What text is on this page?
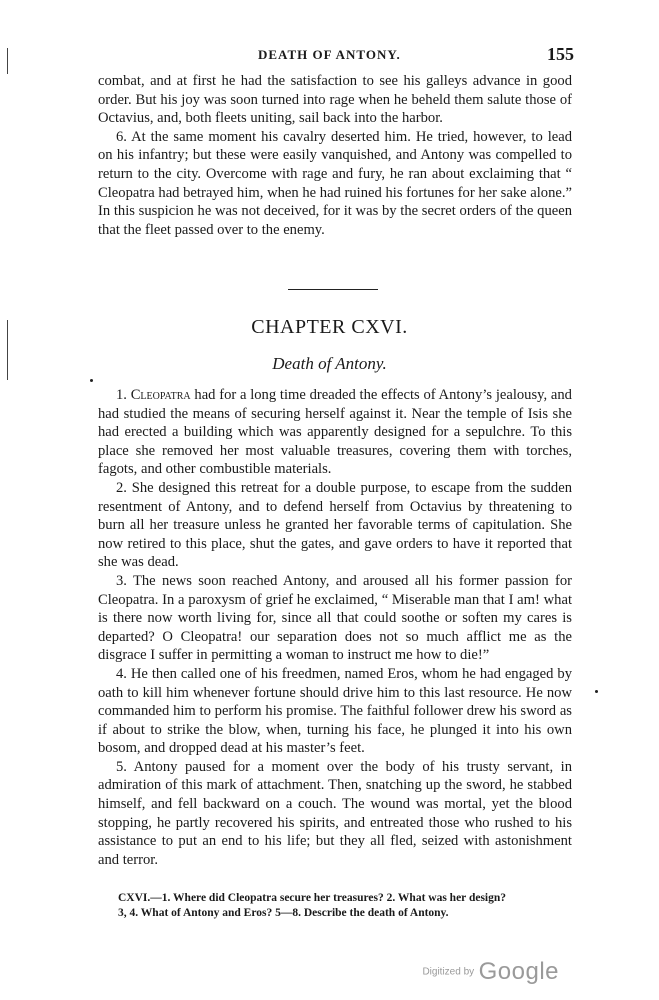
DEATH OF ANTONY.	155

combat, and at first he had the satisfaction to see his galleys advance in good order. But his joy was soon turned into rage when he beheld them salute those of Octavius, and, both fleets uniting, sail back into the harbor.

6. At the same moment his cavalry deserted him. He tried, however, to lead on his infantry; but these were easily vanquished, and Antony was compelled to return to the city. Overcome with rage and fury, he ran about exclaiming that “ Cleopatra had betrayed him, when he had ruined his fortunes for her sake alone.” In this suspicion he was not deceived, for it was by the secret orders of the queen that the fleet passed over to the enemy.

CHAPTER CXVI.
Death of Antony.

1. Cleopatra had for a long time dreaded the effects of Antony’s jealousy, and had studied the means of securing herself against it. Near the temple of Isis she had erected a building which was apparently designed for a sepulchre. To this place she removed her most valuable treasures, covering them with torches, fagots, and other combustible materials.

2. She designed this retreat for a double purpose, to escape from the sudden resentment of Antony, and to defend herself from Octavius by threatening to burn all her treasure unless he granted her favorable terms of capitulation. She now retired to this place, shut the gates, and gave orders to have it reported that she was dead.

3. The news soon reached Antony, and aroused all his former passion for Cleopatra. In a paroxysm of grief he exclaimed, “ Miserable man that I am! what is there now worth living for, since all that could soothe or soften my cares is departed? O Cleopatra! our separation does not so much afflict me as the disgrace I suffer in permitting a woman to instruct me how to die!”

4. He then called one of his freedmen, named Eros, whom he had engaged by oath to kill him whenever fortune should drive him to this last resource. He now commanded him to perform his promise. The faithful follower drew his sword as if about to strike the blow, when, turning his face, he plunged it into his own bosom, and dropped dead at his master’s feet.

5. Antony paused for a moment over the body of his trusty servant, in admiration of this mark of attachment. Then, snatching up the sword, he stabbed himself, and fell backward on a couch. The wound was mortal, yet the blood stopping, he partly recovered his spirits, and entreated those who rushed to his assistance to put an end to his life; but they all fled, seized with astonishment and terror.

CXVI.—1. Where did Cleopatra secure her treasures? 2. What was her design?
3, 4. What of Antony and Eros? 5—8. Describe the death of Antony.
Digitized by Google
